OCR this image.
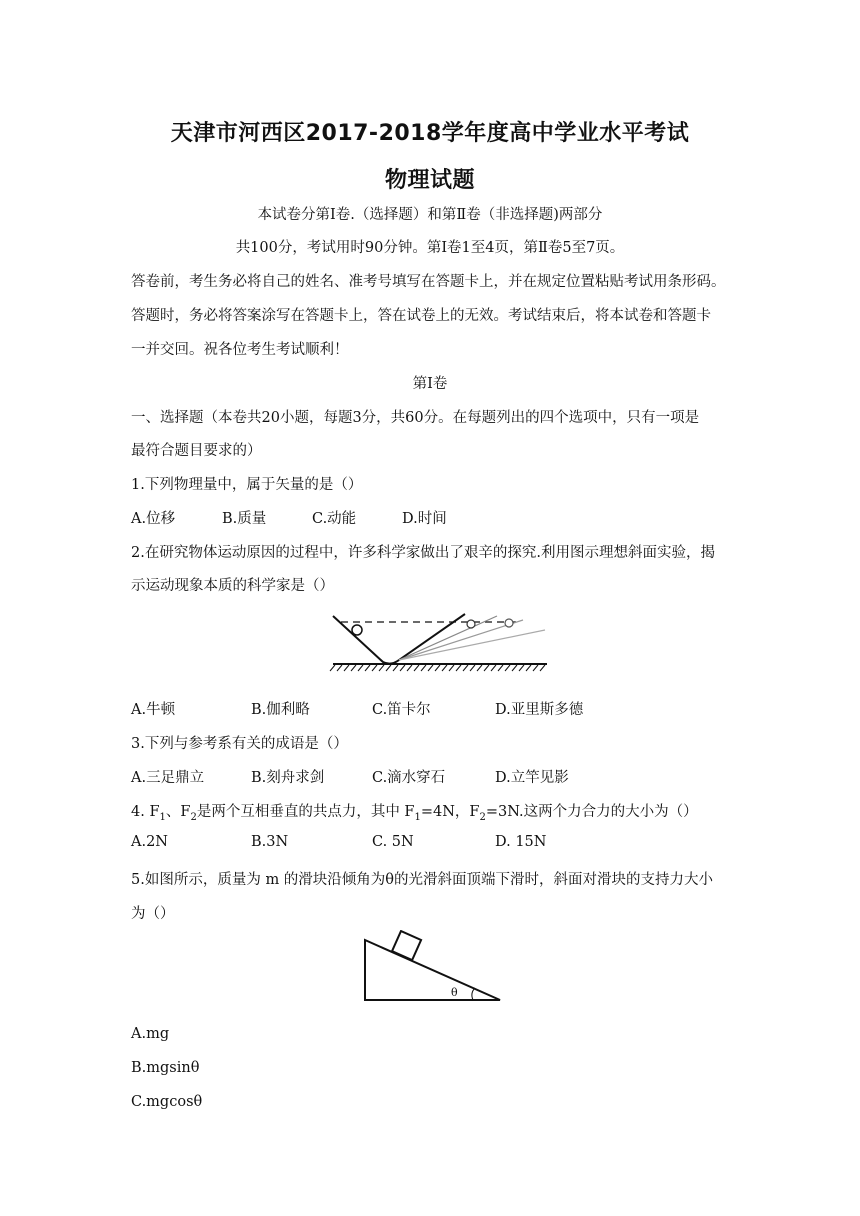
天津市河西区2017-2018学年度高中学业水平考试
物理试题
本试卷分第Ⅰ卷.（选择题）和第Ⅱ卷（非选择题)两部分
共100分，考试用时90分钟。第Ⅰ卷1至4页，第Ⅱ卷5至7页。
答卷前，考生务必将自己的姓名、准考号填写在答题卡上，并在规定位置粘贴考试用条形码。
答题时，务必将答案涂写在答题卡上，答在试卷上的无效。考试结束后，将本试卷和答题卡
一并交回。祝各位考生考试顺利！
第Ⅰ卷
一、选择题（本卷共20小题，每题3分，共60分。在每题列出的四个选项中，只有一项是
最符合题目要求的）
1.下列物理量中，属于矢量的是（）
A.位移	B.质量	C.动能	D.时间
2.在研究物体运动原因的过程中，许多科学家做出了艰辛的探究.利用图示理想斜面实验，揭
示运动现象本质的科学家是（）
A.牛顿	B.伽利略	C.笛卡尔	D.亚里斯多德
3.下列与参考系有关的成语是（）
A.三足鼎立	B.刻舟求剑	C.滴水穿石	D.立竿见影
4. $F_1$、$F_2$是两个互相垂直的共点力，其中 $F_1=4N$，$F_2=3N$.这两个力合力的大小为（）
A.2N	B.3N	C. 5N	D. 15N
5.如图所示，质量为 m 的滑块沿倾角为θ的光滑斜面顶端下滑时，斜面对滑块的支持力大小
为（）
θ
A.mg
B.mgsinθ
C.mgcosθ
